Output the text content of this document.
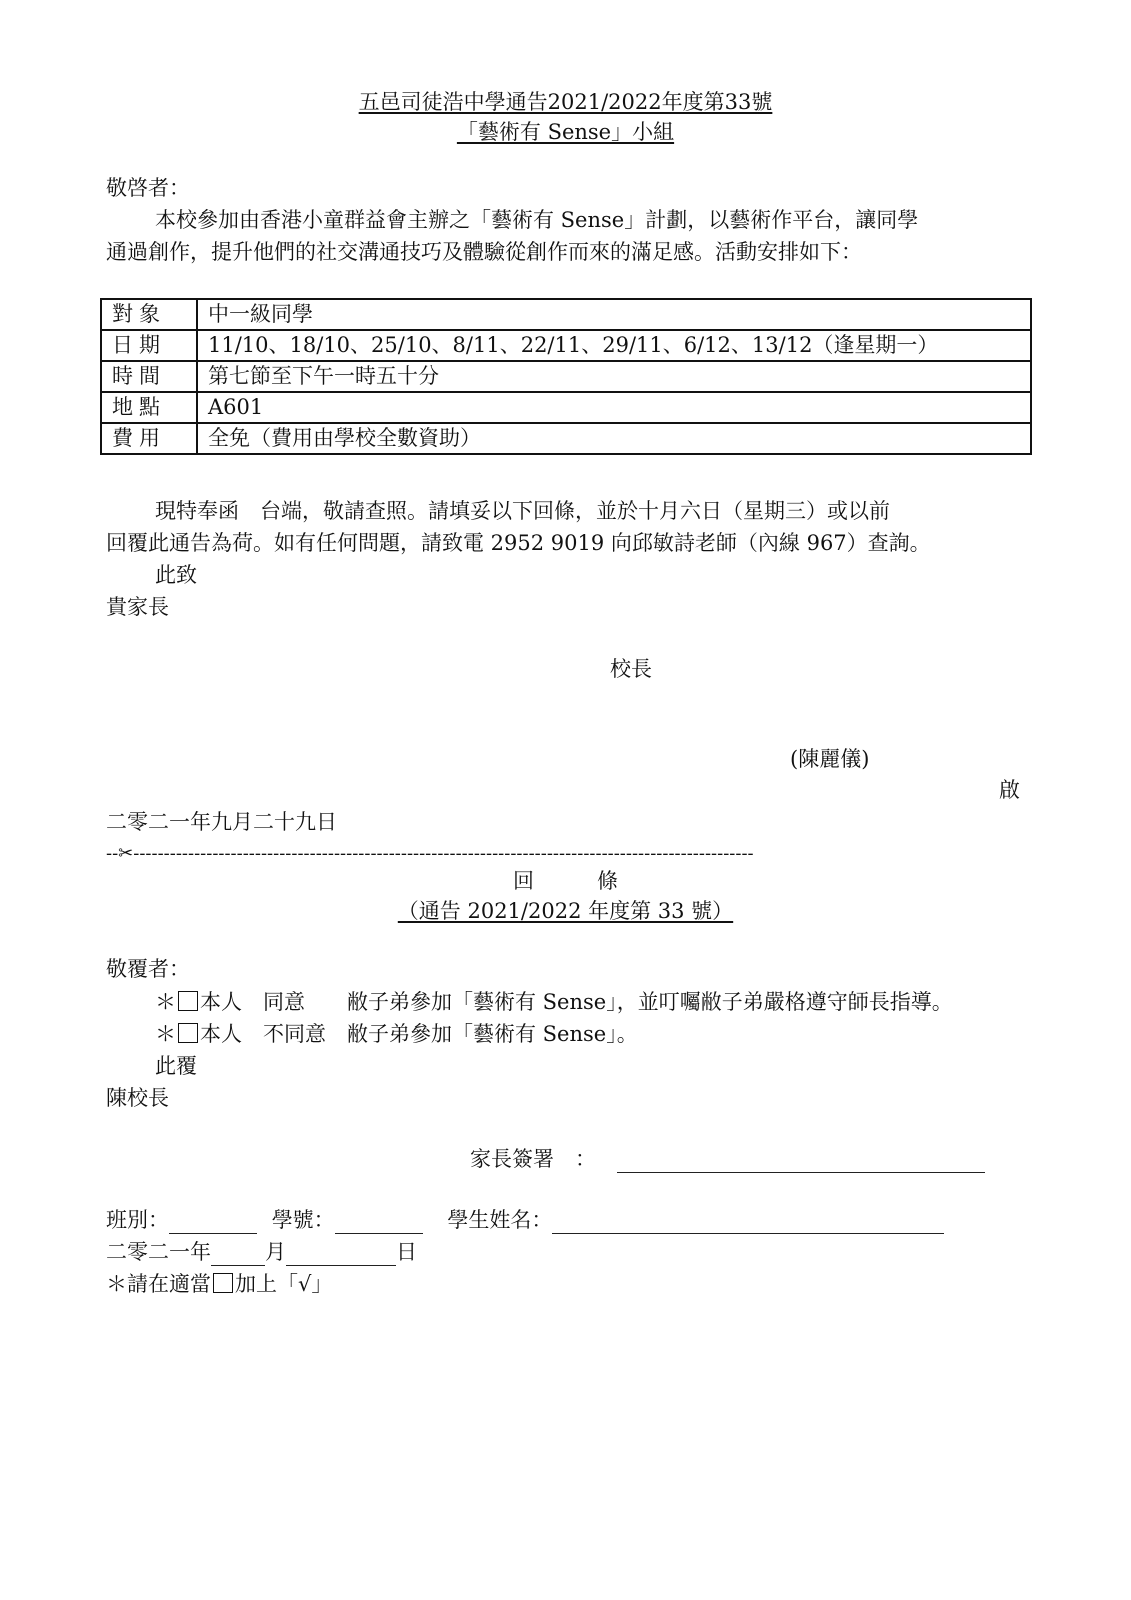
五邑司徒浩中學通告2021/2022年度第33號
「藝術有 Sense」小組
敬啓者：
本校參加由香港小童群益會主辦之「藝術有 Sense」計劃，以藝術作平台，讓同學
通過創作，提升他們的社交溝通技巧及體驗從創作而來的滿足感。活動安排如下：
對象	中一級同學
日期	11/10、18/10、25/10、8/11、22/11、29/11、6/12、13/12（逢星期一）
時間	第七節至下午一時五十分
地點	A601
費用	全免（費用由學校全數資助）
現特奉函　台端，敬請查照。請填妥以下回條，並於十月六日（星期三）或以前
回覆此通告為荷。如有任何問題，請致電 2952 9019 向邱敏詩老師（內線 967）查詢。
此致
貴家長
校長
(陳麗儀)
啟
二零二一年九月二十九日
--✂------------------------------------------------------------------------------------------------------
回　　　條
（通告 2021/2022 年度第 33 號）
敬覆者：
＊ 本人　同意　　敝子弟參加「藝術有 Sense」，並叮囑敝子弟嚴格遵守師長指導。
＊ 本人　不同意　敝子弟參加「藝術有 Sense」。
此覆
陳校長
家長簽署　：
班別：	學號：	學生姓名：
二零二一年	月	日
＊請在適當 加上「√」
